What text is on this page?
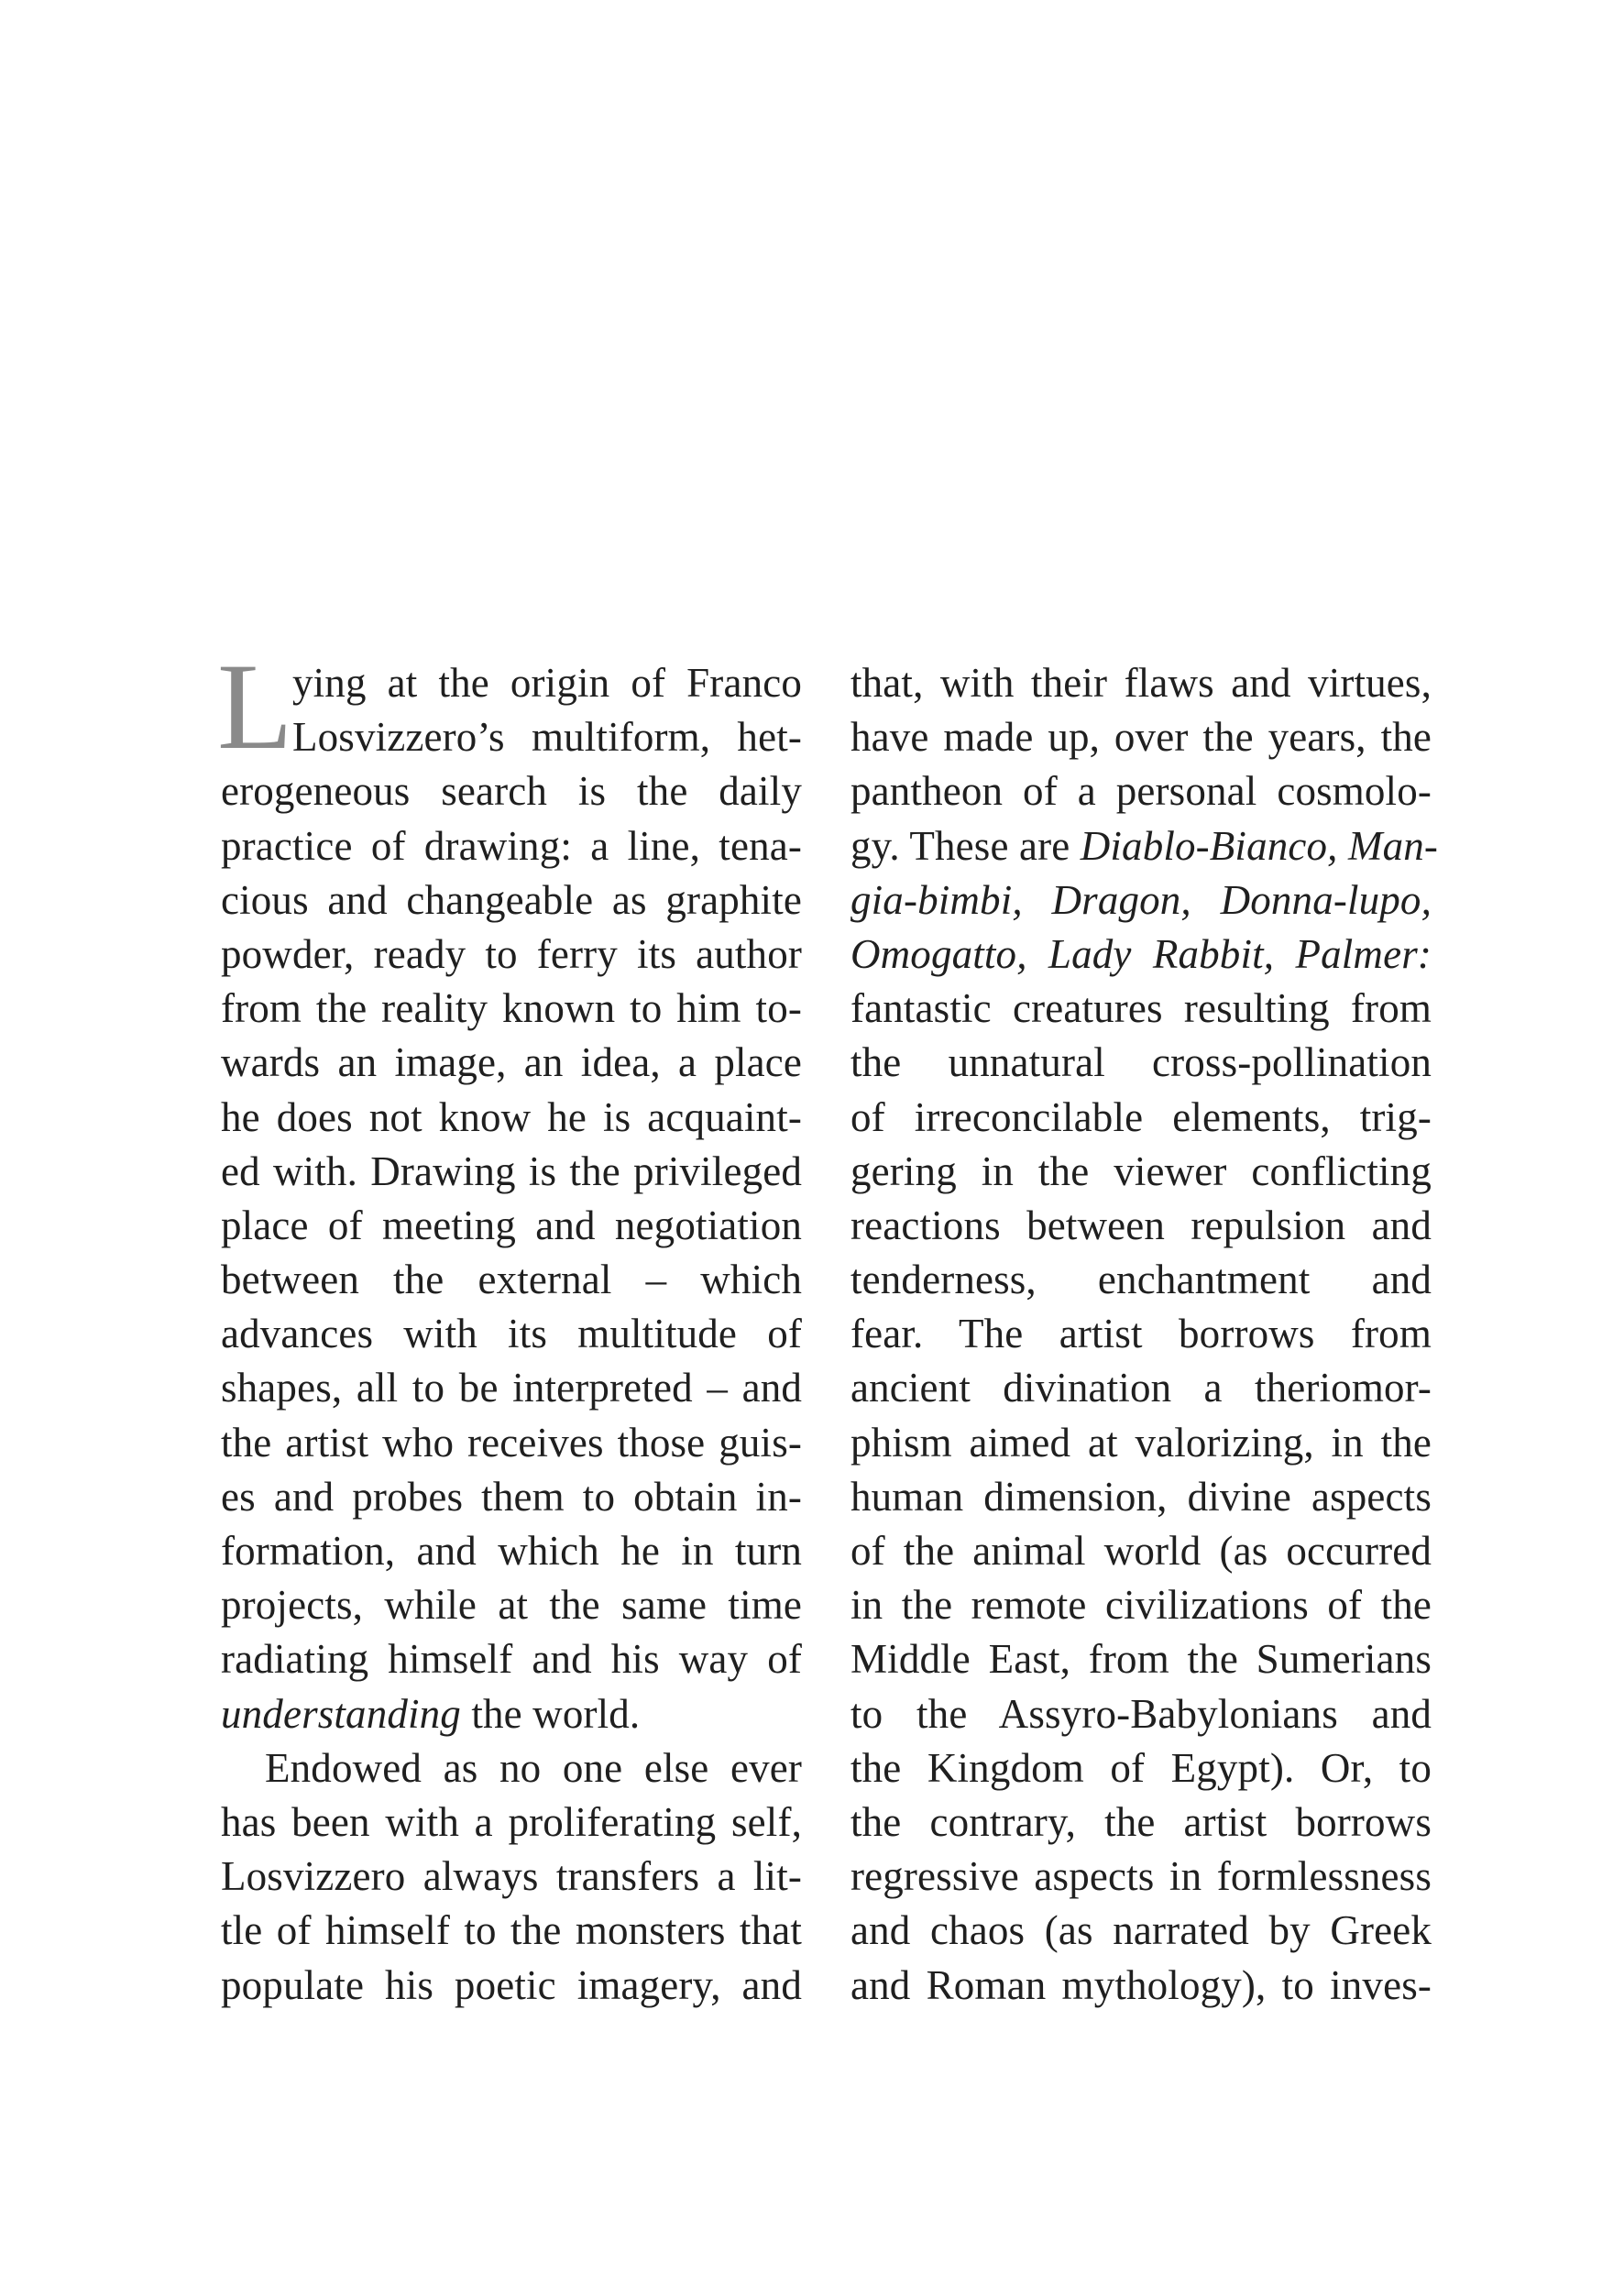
L ying at the origin of Franco
Losvizzero’s multiform, het-
erogeneous search is the daily
practice of drawing: a line, tena-
cious and changeable as graphite
powder, ready to ferry its author
from the reality known to him to-
wards an image, an idea, a place
he does not know he is acquaint-
ed with. Drawing is the privileged
place of meeting and negotiation
between the external – which
advances with its multitude of
shapes, all to be interpreted – and
the artist who receives those guis-
es and probes them to obtain in-
formation, and which he in turn
projects, while at the same time
radiating himself and his way of
understanding the world.
Endowed as no one else ever
has been with a proliferating self,
Losvizzero always transfers a lit-
tle of himself to the monsters that
populate his poetic imagery, and
that, with their flaws and virtues,
have made up, over the years, the
pantheon of a personal cosmolo-
gy. These are Diablo-Bianco, Man-
gia-bimbi, Dragon, Donna-lupo,
Omogatto, Lady Rabbit, Palmer:
fantastic creatures resulting from
the unnatural cross-pollination
of irreconcilable elements, trig-
gering in the viewer conflicting
reactions between repulsion and
tenderness, enchantment and
fear. The artist borrows from
ancient divination a theriomor-
phism aimed at valorizing, in the
human dimension, divine aspects
of the animal world (as occurred
in the remote civilizations of the
Middle East, from the Sumerians
to the Assyro-Babylonians and
the Kingdom of Egypt). Or, to
the contrary, the artist borrows
regressive aspects in formlessness
and chaos (as narrated by Greek
and Roman mythology), to inves-
